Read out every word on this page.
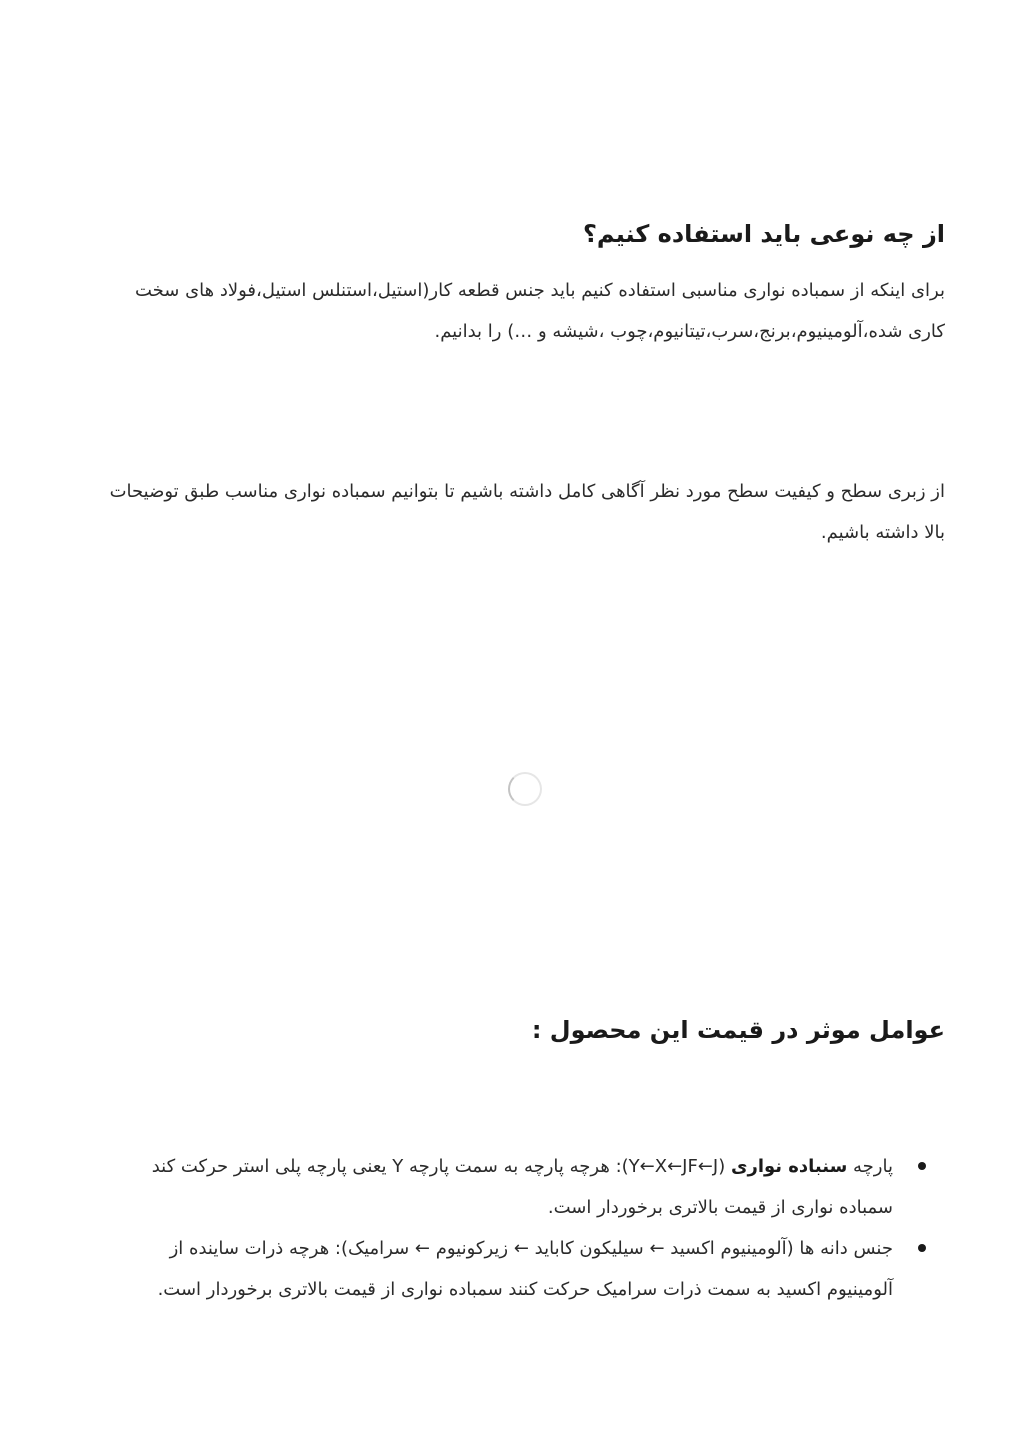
از چه نوعی باید استفاده کنیم؟

برای اینکه از سمباده نواری مناسبی استفاده کنیم باید جنس قطعه کار(استیل،استنلس استیل،فولاد های سخت کاری شده،آلومینیوم،برنج،سرب،تیتانیوم،چوب ،شیشه و …) را بدانیم.

از زبری سطح و کیفیت سطح مورد نظر آگاهی کامل داشته باشیم تا بتوانیم سمباده نواری مناسب طبق توضیحات بالا داشته باشیم.

عوامل موثر در قیمت این محصول :
پارچه سنباده نواری (Y←X←JF←J): هرچه پارچه به سمت پارچه Y یعنی پارچه پلی استر حرکت کند سمباده نواری از قیمت بالاتری برخوردار است.
جنس دانه ها (آلومینیوم اکسید ← سیلیکون کاباید ← زیرکونیوم ← سرامیک): هرچه ذرات ساینده از آلومینیوم اکسید به سمت ذرات سرامیک حرکت کنند سمباده نواری از قیمت بالاتری برخوردار است.
